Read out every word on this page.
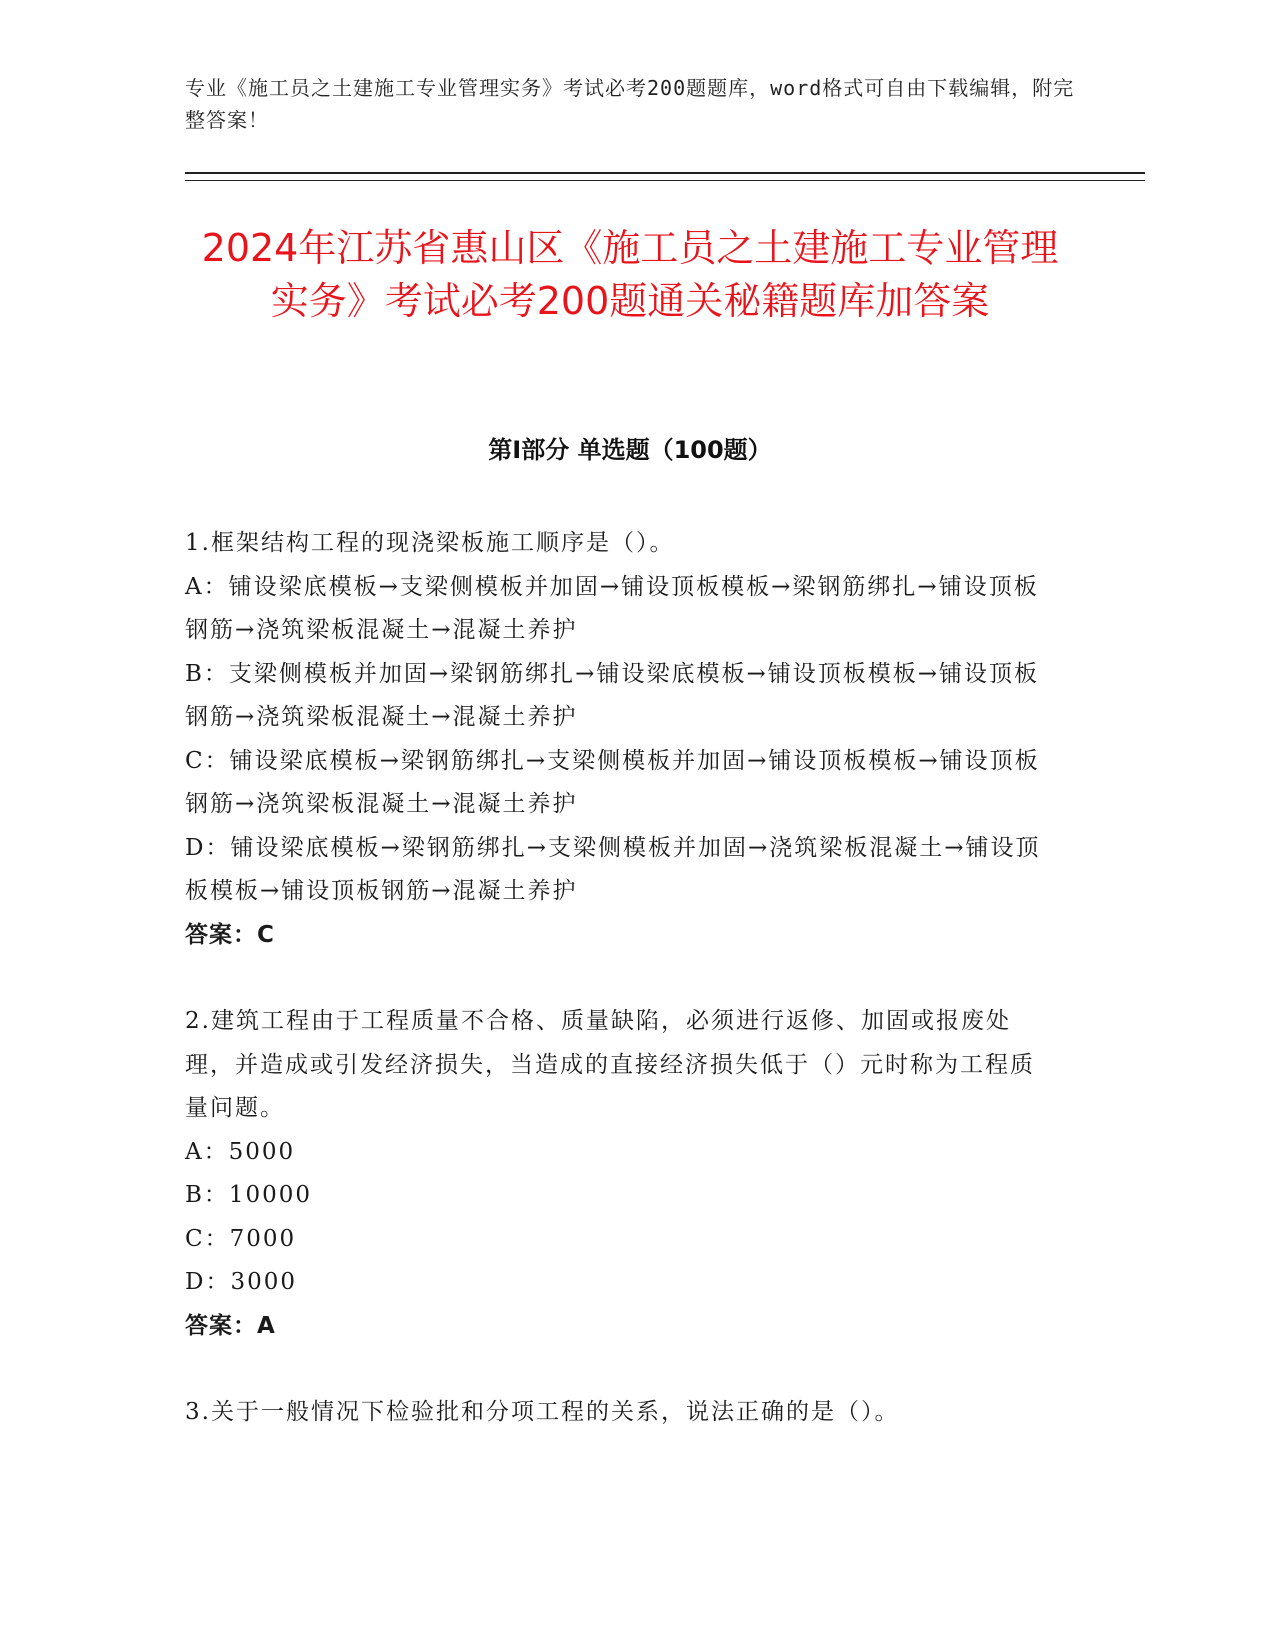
专业《施工员之土建施工专业管理实务》考试必考200题题库，word格式可自由下载编辑，附完整答案！
2024年江苏省惠山区《施工员之土建施工专业管理实务》考试必考200题通关秘籍题库加答案
第I部分 单选题（100题）

1.框架结构工程的现浇梁板施工顺序是（）。

A：铺设梁底模板→支梁侧模板并加固→铺设顶板模板→梁钢筋绑扎→铺设顶板钢筋→浇筑梁板混凝土→混凝土养护

B：支梁侧模板并加固→梁钢筋绑扎→铺设梁底模板→铺设顶板模板→铺设顶板钢筋→浇筑梁板混凝土→混凝土养护

C：铺设梁底模板→梁钢筋绑扎→支梁侧模板并加固→铺设顶板模板→铺设顶板钢筋→浇筑梁板混凝土→混凝土养护

D：铺设梁底模板→梁钢筋绑扎→支梁侧模板并加固→浇筑梁板混凝土→铺设顶板模板→铺设顶板钢筋→混凝土养护

答案：C

2.建筑工程由于工程质量不合格、质量缺陷，必须进行返修、加固或报废处理，并造成或引发经济损失，当造成的直接经济损失低于（）元时称为工程质量问题。

A：5000

B：10000

C：7000

D：3000

答案：A

3.关于一般情况下检验批和分项工程的关系，说法正确的是（）。
